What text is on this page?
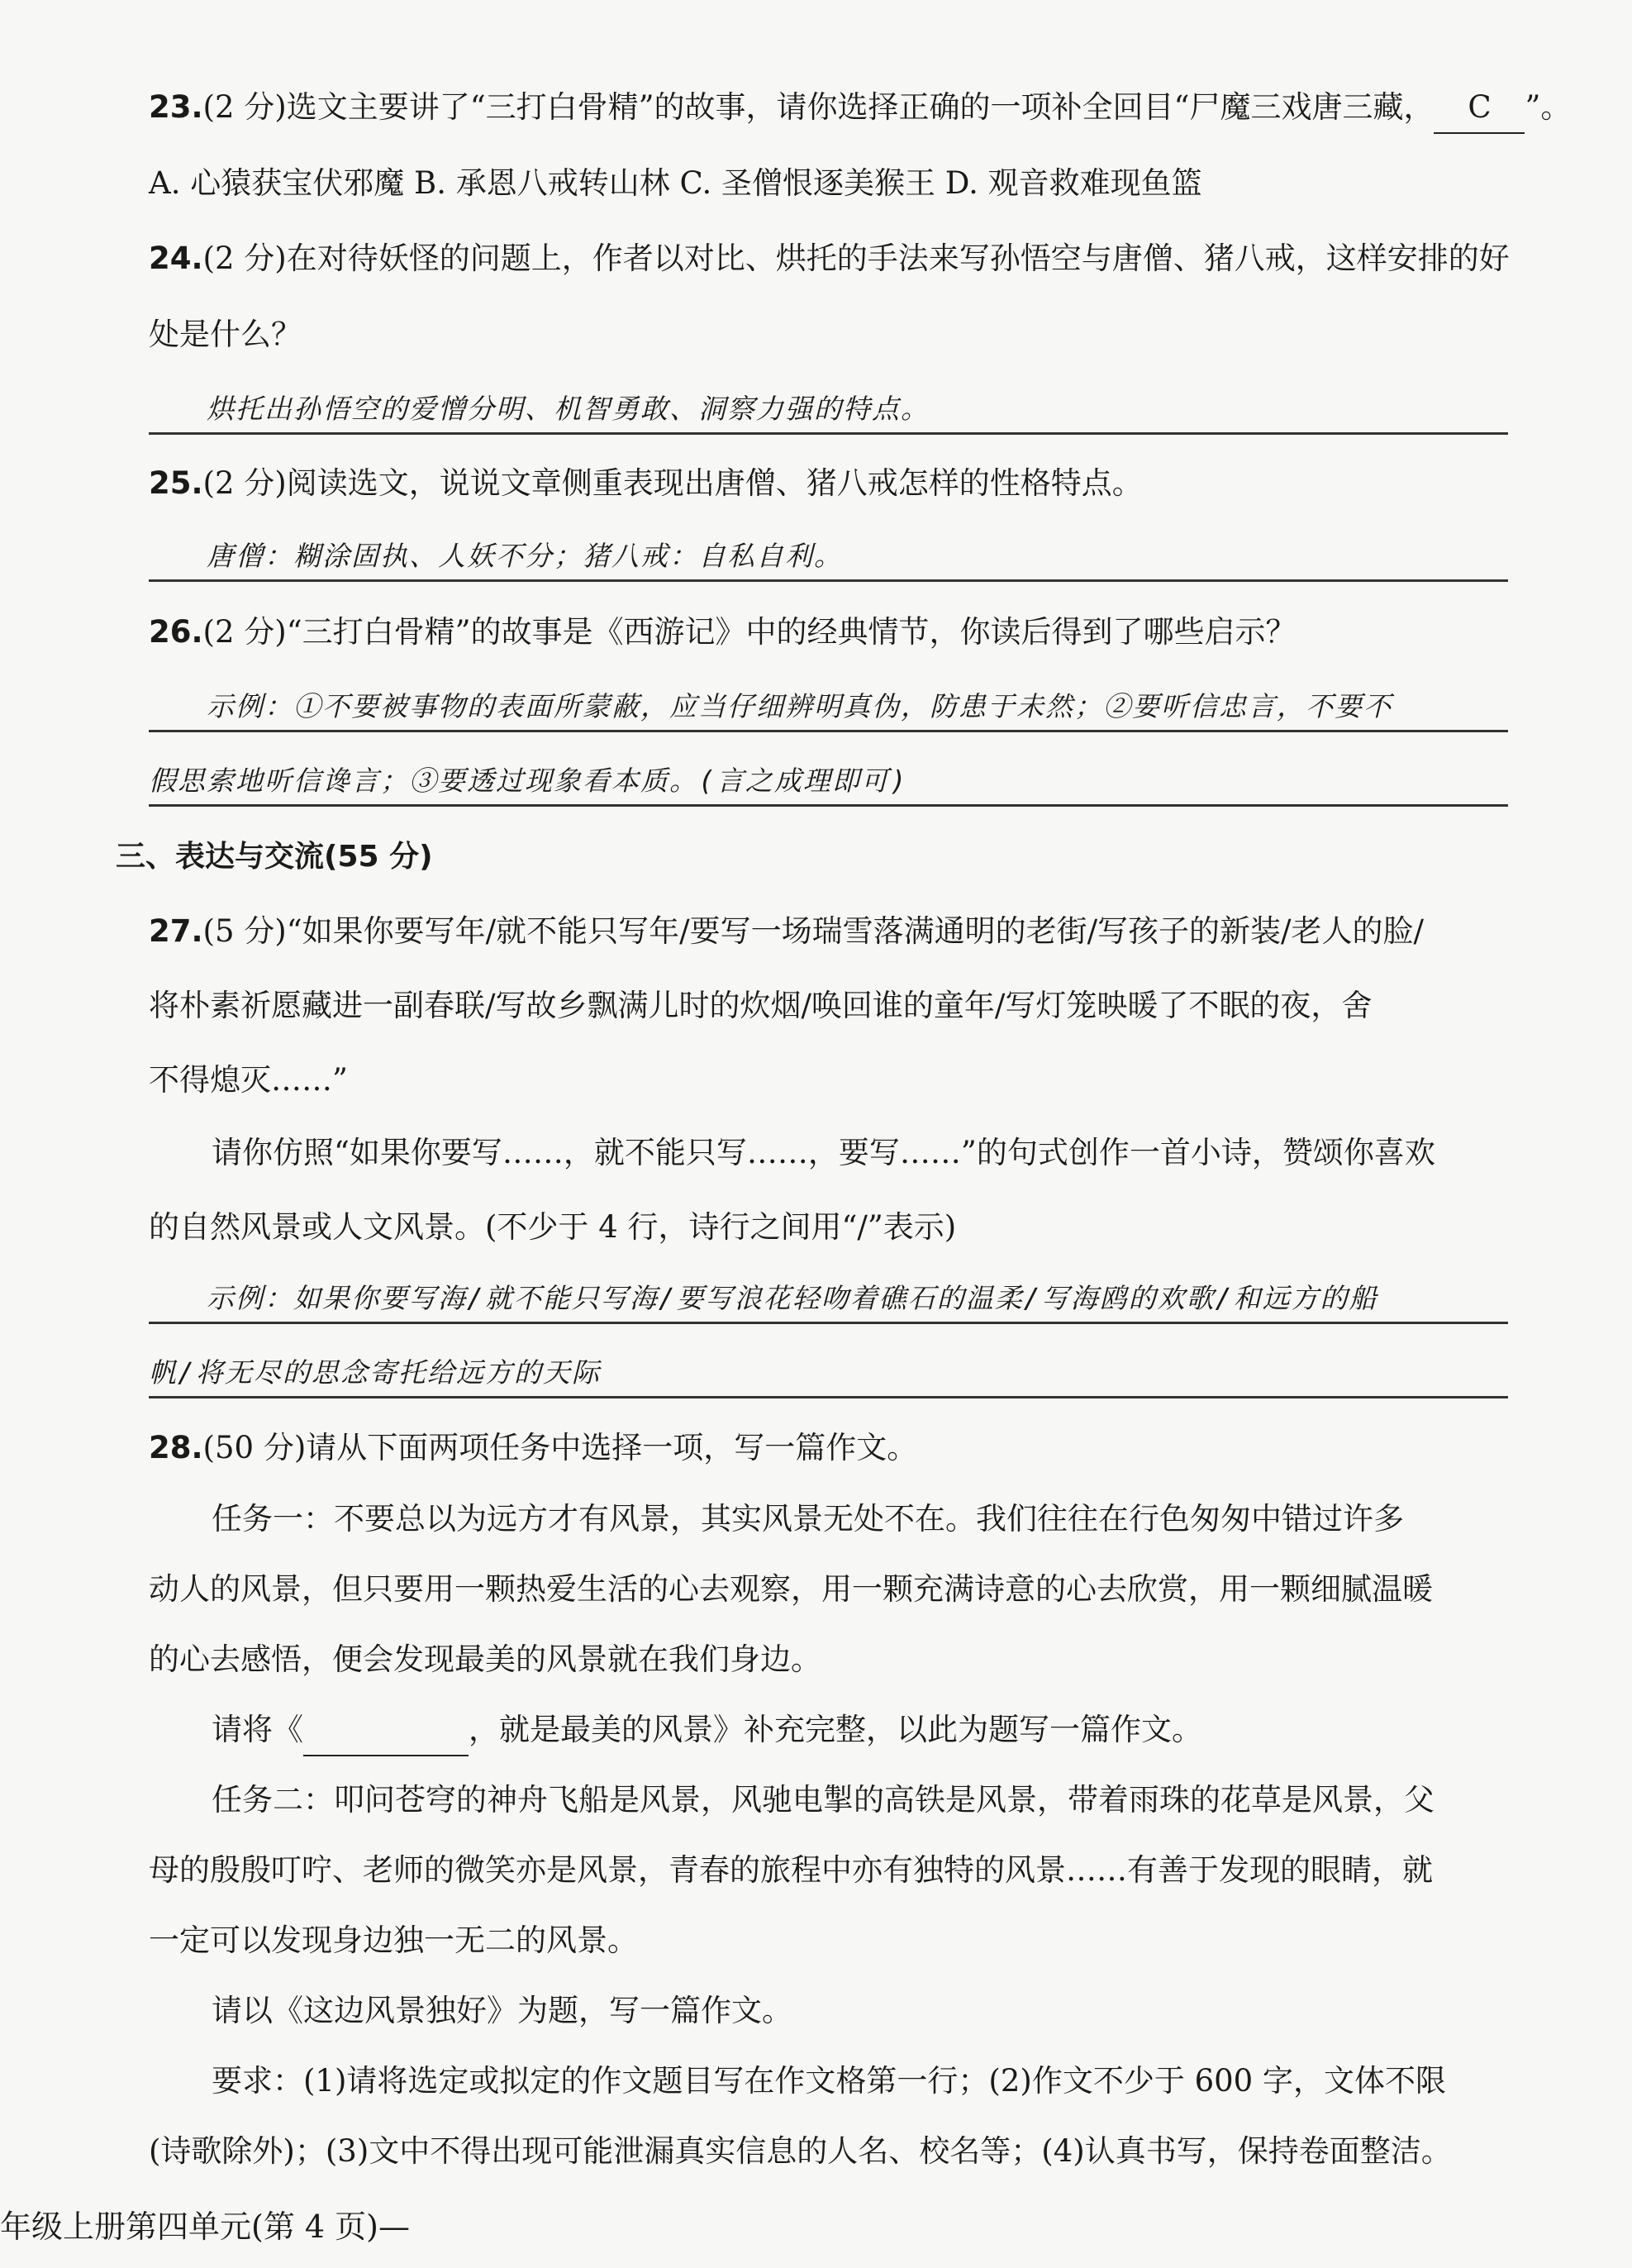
23.(2 分)选文主要讲了“三打白骨精”的故事，请你选择正确的一项补全回目“尸魔三戏唐三藏， C ”。
A. 心猿获宝伏邪魔 B. 承恩八戒转山林 C. 圣僧恨逐美猴王 D. 观音救难现鱼篮
24.(2 分)在对待妖怪的问题上，作者以对比、烘托的手法来写孙悟空与唐僧、猪八戒，这样安排的好
处是什么？
烘托出孙悟空的爱憎分明、机智勇敢、洞察力强的特点。
25.(2 分)阅读选文，说说文章侧重表现出唐僧、猪八戒怎样的性格特点。
唐僧：糊涂固执、人妖不分；猪八戒：自私自利。
26.(2 分)“三打白骨精”的故事是《西游记》中的经典情节，你读后得到了哪些启示？
示例：①不要被事物的表面所蒙蔽，应当仔细辨明真伪，防患于未然；②要听信忠言，不要不
假思索地听信谗言；③要透过现象看本质。(言之成理即可)
三、表达与交流(55 分)
27.(5 分)“如果你要写年/就不能只写年/要写一场瑞雪落满通明的老街/写孩子的新装/老人的脸/
将朴素祈愿藏进一副春联/写故乡飘满儿时的炊烟/唤回谁的童年/写灯笼映暖了不眠的夜，舍
不得熄灭……”
请你仿照“如果你要写……，就不能只写……，要写……”的句式创作一首小诗，赞颂你喜欢
的自然风景或人文风景。(不少于 4 行，诗行之间用“/”表示)
示例：如果你要写海/就不能只写海/要写浪花轻吻着礁石的温柔/写海鸥的欢歌/和远方的船
帆/将无尽的思念寄托给远方的天际
28.(50 分)请从下面两项任务中选择一项，写一篇作文。
任务一：不要总以为远方才有风景，其实风景无处不在。我们往往在行色匆匆中错过许多
动人的风景，但只要用一颗热爱生活的心去观察，用一颗充满诗意的心去欣赏，用一颗细腻温暖
的心去感悟，便会发现最美的风景就在我们身边。
请将《	，就是最美的风景》补充完整，以此为题写一篇作文。
任务二：叩问苍穹的神舟飞船是风景，风驰电掣的高铁是风景，带着雨珠的花草是风景，父
母的殷殷叮咛、老师的微笑亦是风景，青春的旅程中亦有独特的风景……有善于发现的眼睛，就
一定可以发现身边独一无二的风景。
请以《这边风景独好》为题，写一篇作文。
要求：(1)请将选定或拟定的作文题目写在作文格第一行；(2)作文不少于 600 字，文体不限
(诗歌除外)；(3)文中不得出现可能泄漏真实信息的人名、校名等；(4)认真书写，保持卷面整洁。
年级上册第四单元(第 4 页)—
